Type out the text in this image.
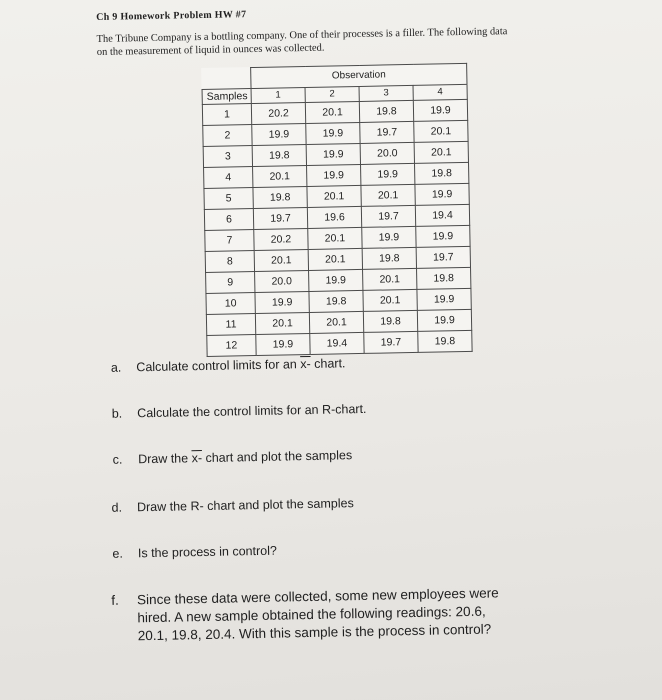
Ch 9 Homework Problem HW #7
The Tribune Company is a bottling company. One of their processes is a filler. The following data on the measurement of liquid in ounces was collected.
	Observation			
Samples	1	2	3	4
1	20.2	20.1	19.8	19.9
2	19.9	19.9	19.7	20.1
3	19.8	19.9	20.0	20.1
4	20.1	19.9	19.9	19.8
5	19.8	20.1	20.1	19.9
6	19.7	19.6	19.7	19.4
7	20.2	20.1	19.9	19.9
8	20.1	20.1	19.8	19.7
9	20.0	19.9	20.1	19.8
10	19.9	19.8	20.1	19.9
11	20.1	20.1	19.8	19.9
12	19.9	19.4	19.7	19.8
a. Calculate control limits for an x- chart.
b. Calculate the control limits for an R-chart.
c. Draw the x- chart and plot the samples
d. Draw the R- chart and plot the samples
e. Is the process in control?
f. Since these data were collected, some new employees were hired. A new sample obtained the following readings: 20.6, 20.1, 19.8, 20.4. With this sample is the process in control?
